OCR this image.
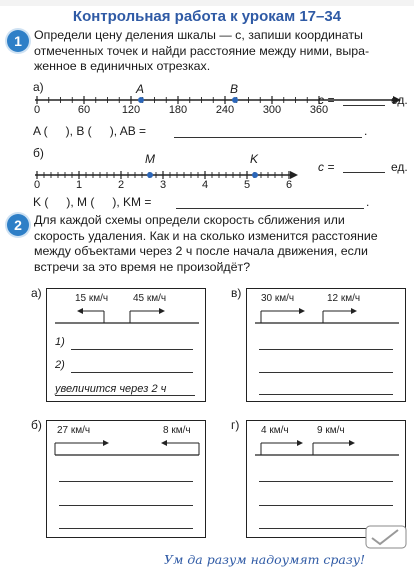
Контрольная работа к урокам 17–34
1 Определи цену деления шкалы — c, запиши координаты
отмеченных точек и найди расстояние между ними, выра-
женное в единичных отрезках.
а)	A	B
0	60	120	180	240	300	360
c =	ед.
A ( ), B ( ), AB =	.
б)	M	K
0	1	2	3	4	5	6
c =	ед.
K ( ), M ( ), KM =	.
2 Для каждой схемы определи скорость сближения или
скорость удаления. Как и на сколько изменится расстояние
между объектами через 2 ч после начала движения, если
встречи за это время не произойдёт?
а)	15 км/ч 45 км/ч
1)
2)
увеличится через 2 ч
в) 30 км/ч	12 км/ч
б) 27 км/ч	8 км/ч	г) 4 км/ч	9 км/ч
Ум да разум надоумят сразу!
